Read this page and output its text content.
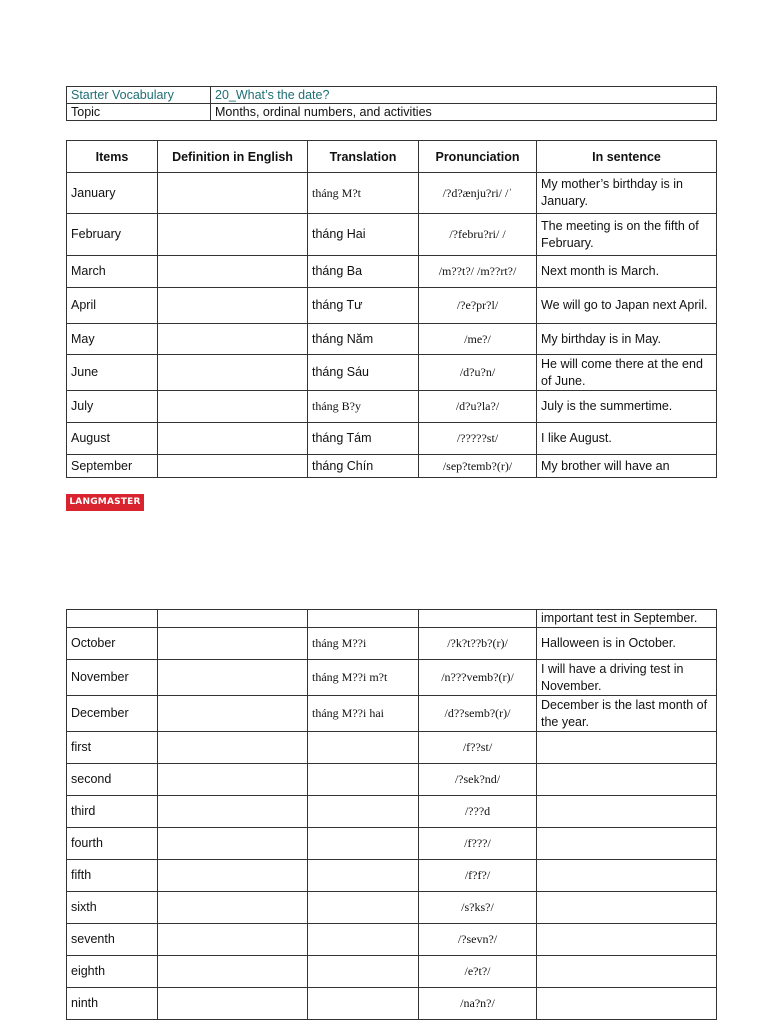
Starter Vocabulary	20_What’s the date?
Topic	Months, ordinal numbers, and activities
Items	Definition in English	Translation	Pronunciation	In sentence
January		tháng M?t	/?d?ænju?ri/ /ˈ	My mother’s birthday is in January.
February		tháng Hai	/?febru?ri/ /	The meeting is on the fifth of February.
March		tháng Ba	/m??t?/ /m??rt?/	Next month is March.
April		tháng Tư	/?e?pr?l/	We will go to Japan next April.
May		tháng Năm	/me?/	My birthday is in May.
June		tháng Sáu	/d?u?n/	He will come there at the end of June.
July		tháng B?y	/d?u?la?/	July is the summertime.
August		tháng Tám	/?????st/	I like August.
September		tháng Chín	/sep?temb?(r)/	My brother will have an
LANGMASTER
				important test in September.
October		tháng M??i	/?k?t??b?(r)/	Halloween is in October.
November		tháng M??i m?t	/n???vemb?(r)/	I will have a driving test in November.
December		tháng M??i hai	/d??semb?(r)/	December is the last month of the year.
first			/f??st/	
second			/?sek?nd/	
third			/???d	
fourth			/f???/	
fifth			/f?f?/	
sixth			/s?ks?/	
seventh			/?sevn?/	
eighth			/e?t?/	
ninth			/na?n?/	
